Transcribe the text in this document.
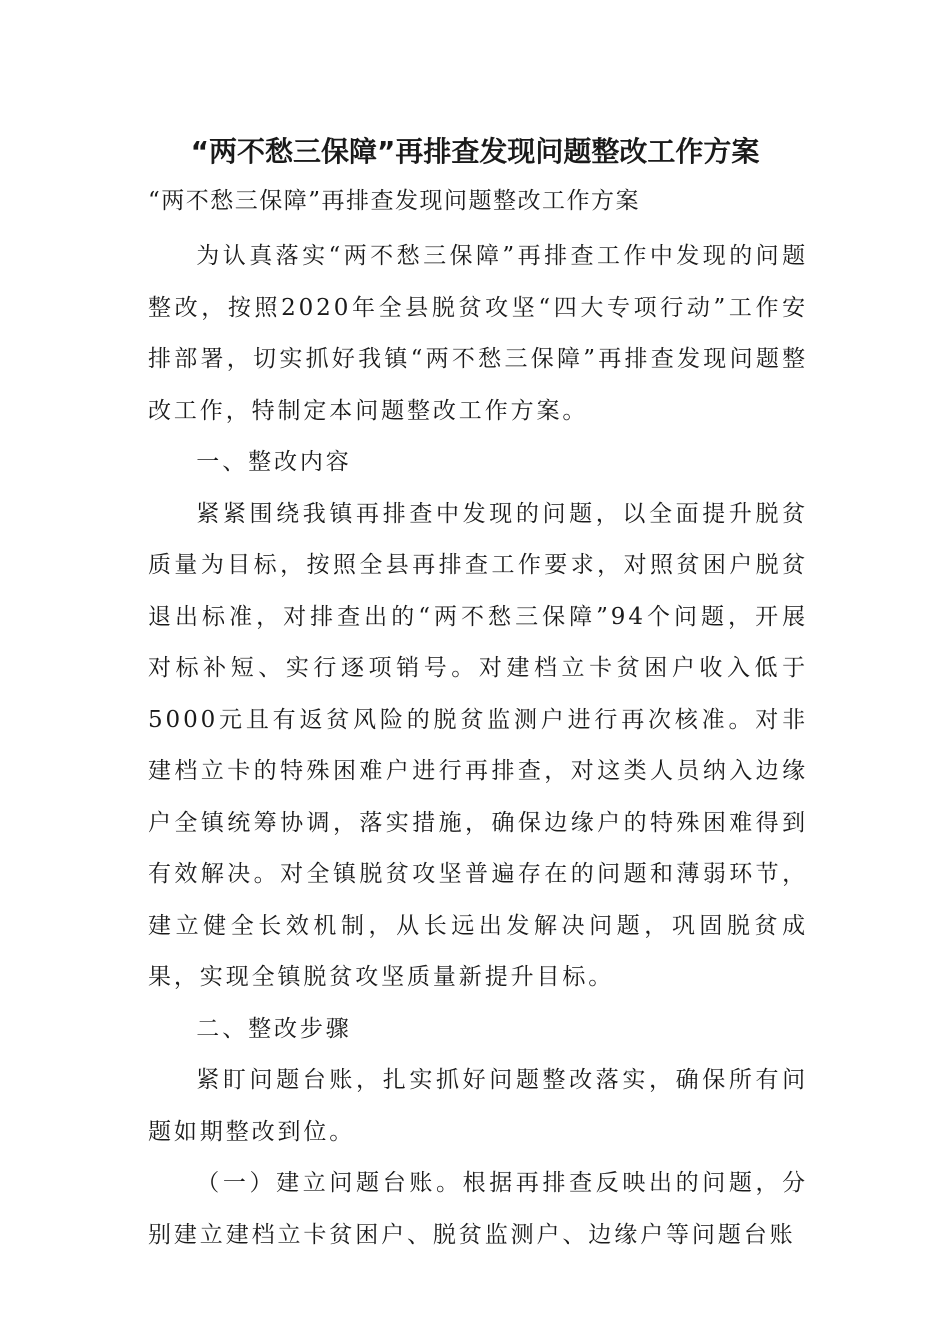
“两不愁三保障”再排查发现问题整改工作方案
“两不愁三保障”再排查发现问题整改工作方案

为认真落实“两不愁三保障”再排查工作中发现的问题整改，按照2020年全县脱贫攻坚“四大专项行动”工作安排部署，切实抓好我镇“两不愁三保障”再排查发现问题整改工作，特制定本问题整改工作方案。

一、整改内容

紧紧围绕我镇再排查中发现的问题，以全面提升脱贫质量为目标，按照全县再排查工作要求，对照贫困户脱贫退出标准，对排查出的“两不愁三保障”94个问题，开展对标补短、实行逐项销号。对建档立卡贫困户收入低于5000元且有返贫风险的脱贫监测户进行再次核准。对非建档立卡的特殊困难户进行再排查，对这类人员纳入边缘户全镇统筹协调，落实措施，确保边缘户的特殊困难得到有效解决。对全镇脱贫攻坚普遍存在的问题和薄弱环节，建立健全长效机制，从长远出发解决问题，巩固脱贫成果，实现全镇脱贫攻坚质量新提升目标。

二、整改步骤

紧盯问题台账，扎实抓好问题整改落实，确保所有问题如期整改到位。

（一）建立问题台账。根据再排查反映出的问题，分别建立建档立卡贫困户、脱贫监测户、边缘户等问题台账
